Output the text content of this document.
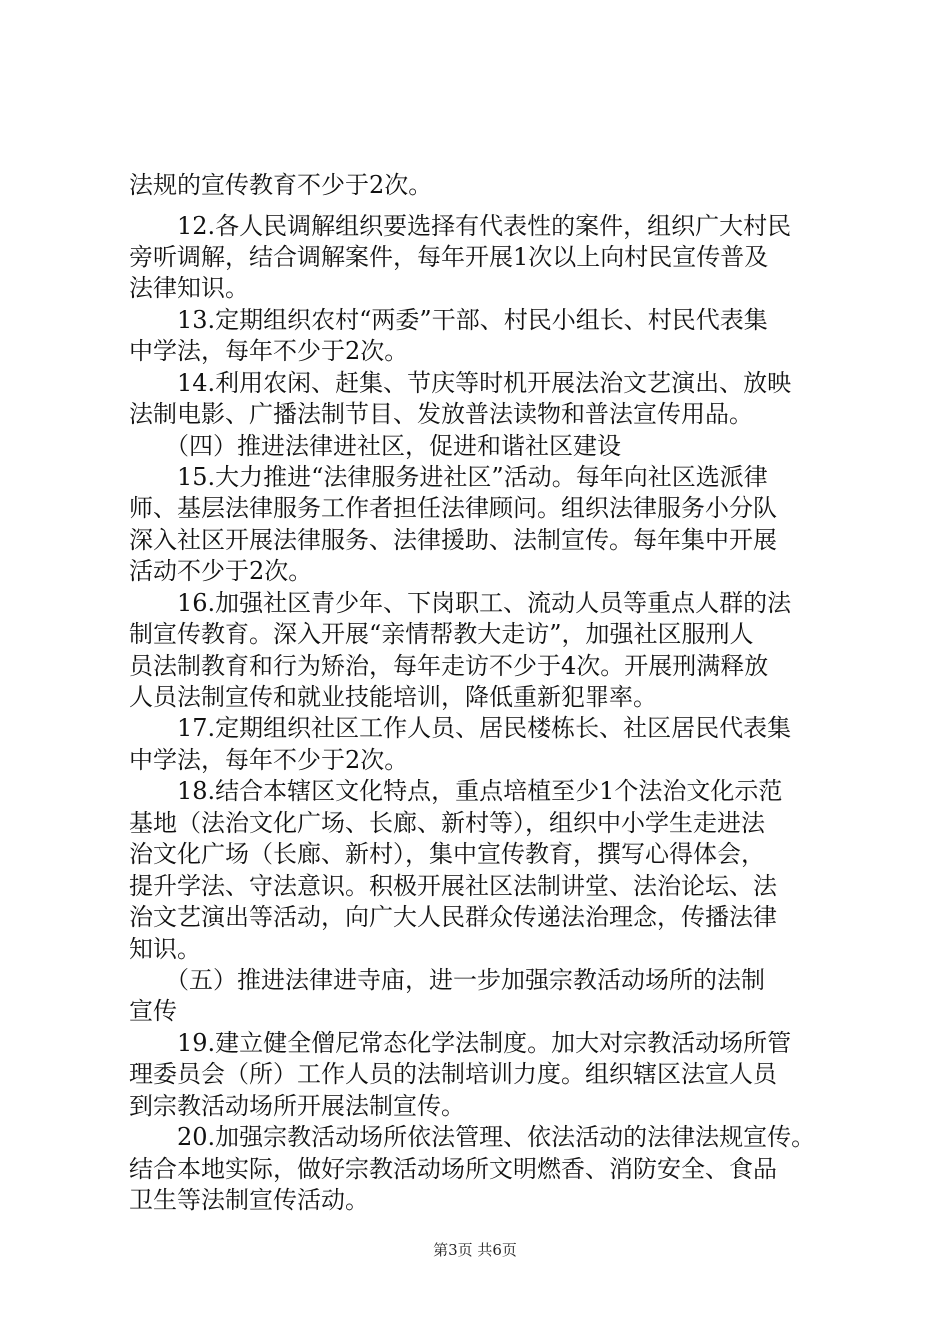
法规的宣传教育不少于2次。
　　12.各人民调解组织要选择有代表性的案件，组织广大村民
旁听调解，结合调解案件，每年开展1次以上向村民宣传普及
法律知识。
　　13.定期组织农村“两委”干部、村民小组长、村民代表集
中学法，每年不少于2次。
　　14.利用农闲、赶集、节庆等时机开展法治文艺演出、放映
法制电影、广播法制节目、发放普法读物和普法宣传用品。
　　（四）推进法律进社区，促进和谐社区建设
　　15.大力推进“法律服务进社区”活动。每年向社区选派律
师、基层法律服务工作者担任法律顾问。组织法律服务小分队
深入社区开展法律服务、法律援助、法制宣传。每年集中开展
活动不少于2次。
　　16.加强社区青少年、下岗职工、流动人员等重点人群的法
制宣传教育。深入开展“亲情帮教大走访”，加强社区服刑人
员法制教育和行为矫治，每年走访不少于4次。开展刑满释放
人员法制宣传和就业技能培训，降低重新犯罪率。
　　17.定期组织社区工作人员、居民楼栋长、社区居民代表集
中学法，每年不少于2次。
　　18.结合本辖区文化特点，重点培植至少1个法治文化示范
基地（法治文化广场、长廊、新村等），组织中小学生走进法
治文化广场（长廊、新村），集中宣传教育，撰写心得体会，
提升学法、守法意识。积极开展社区法制讲堂、法治论坛、法
治文艺演出等活动，向广大人民群众传递法治理念，传播法律
知识。
　　（五）推进法律进寺庙，进一步加强宗教活动场所的法制
宣传
　　19.建立健全僧尼常态化学法制度。加大对宗教活动场所管
理委员会（所）工作人员的法制培训力度。组织辖区法宣人员
到宗教活动场所开展法制宣传。
　　20.加强宗教活动场所依法管理、依法活动的法律法规宣传。
结合本地实际，做好宗教活动场所文明燃香、消防安全、食品
卫生等法制宣传活动。
第3页 共6页
